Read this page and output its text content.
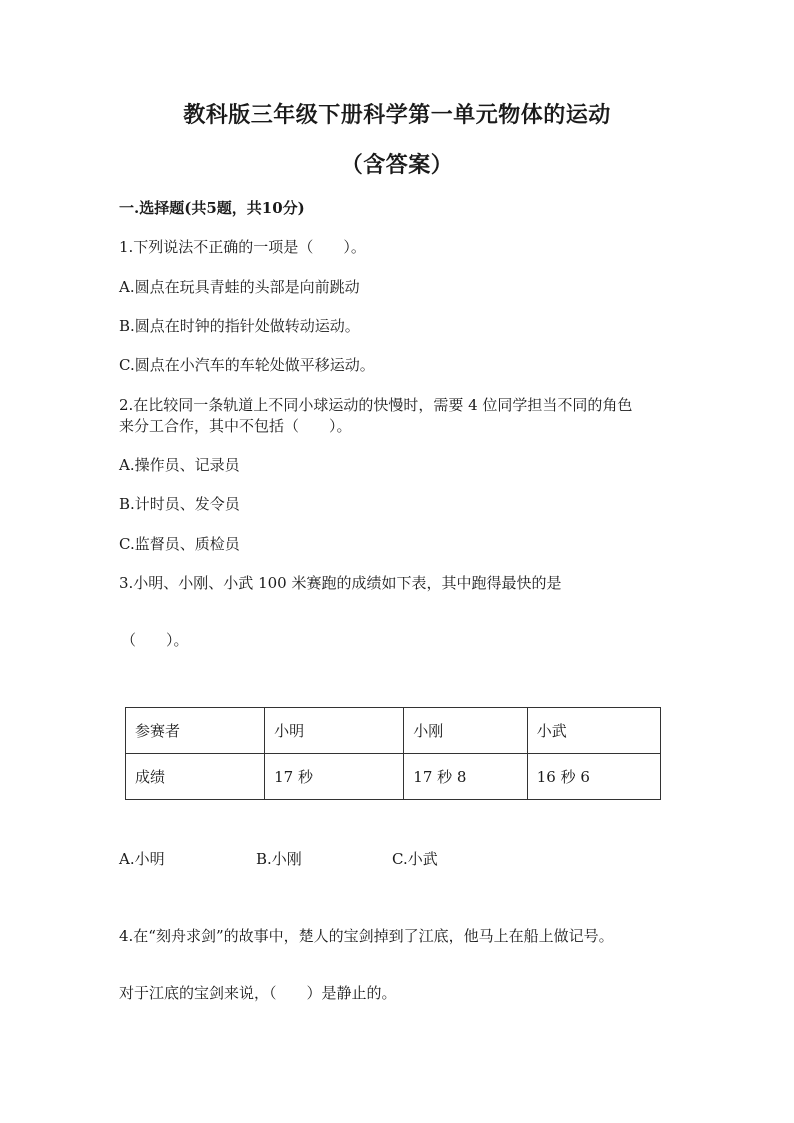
教科版三年级下册科学第一单元物体的运动
（含答案）
一.选择题(共5题，共10分)
1.下列说法不正确的一项是（　　）。
A.圆点在玩具青蛙的头部是向前跳动
B.圆点在时钟的指针处做转动运动。
C.圆点在小汽车的车轮处做平移运动。
2.在比较同一条轨道上不同小球运动的快慢时，需要 4 位同学担当不同的角色
来分工合作，其中不包括（　　）。
A.操作员、记录员
B.计时员、发令员
C.监督员、质检员
3.小明、小刚、小武 100 米赛跑的成绩如下表，其中跑得最快的是
（　　）。
参赛者	小明	小刚	小武
成绩	17 秒	17 秒 8	16 秒 6
A.小明	B.小刚	C.小武
4.在“刻舟求剑”的故事中，楚人的宝剑掉到了江底，他马上在船上做记号。
对于江底的宝剑来说，（　　）是静止的。
